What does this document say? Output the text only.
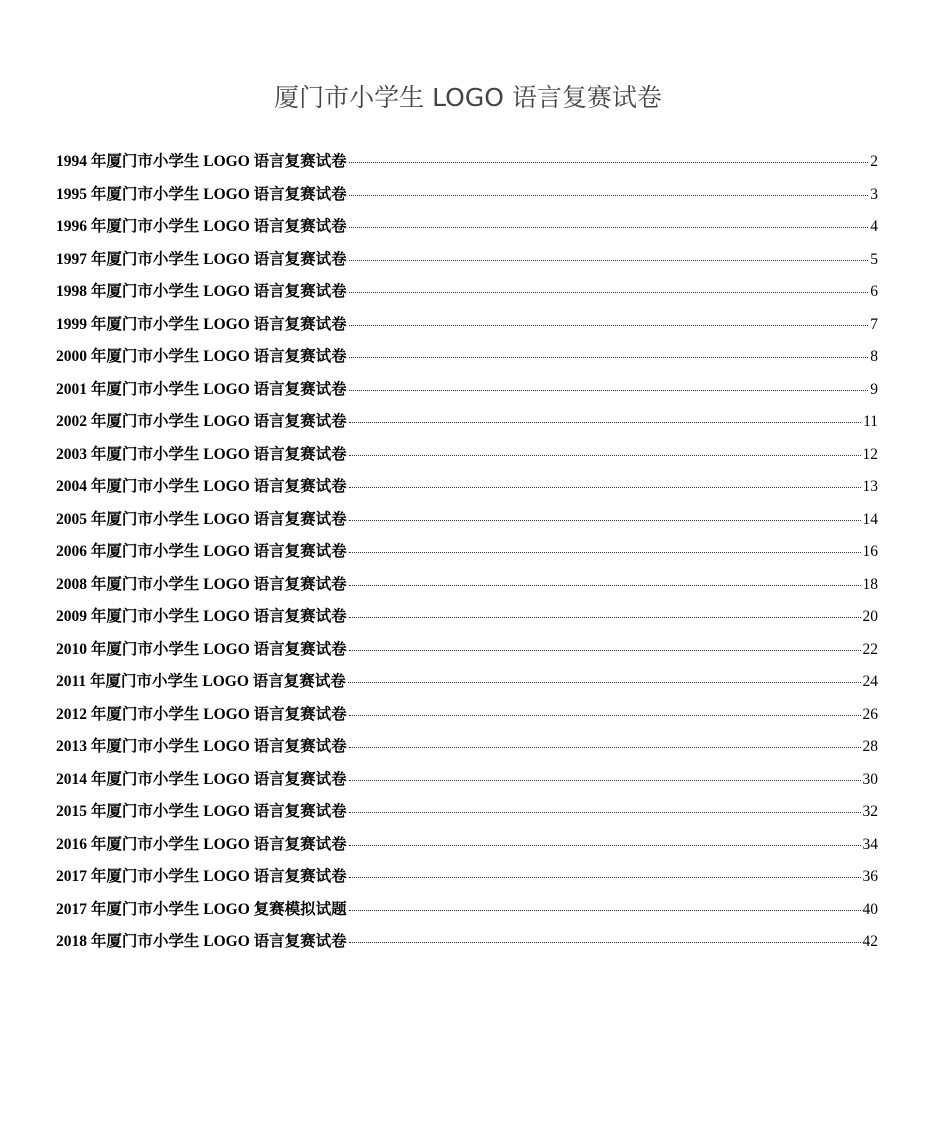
厦门市小学生 LOGO 语言复赛试卷
1994 年厦门市小学生 LOGO 语言复赛试卷	2
1995 年厦门市小学生 LOGO 语言复赛试卷	3
1996 年厦门市小学生 LOGO 语言复赛试卷	4
1997 年厦门市小学生 LOGO 语言复赛试卷	5
1998 年厦门市小学生 LOGO 语言复赛试卷	6
1999 年厦门市小学生 LOGO 语言复赛试卷	7
2000 年厦门市小学生 LOGO 语言复赛试卷	8
2001 年厦门市小学生 LOGO 语言复赛试卷	9
2002 年厦门市小学生 LOGO 语言复赛试卷	11
2003 年厦门市小学生 LOGO 语言复赛试卷	12
2004 年厦门市小学生 LOGO 语言复赛试卷	13
2005 年厦门市小学生 LOGO 语言复赛试卷	14
2006 年厦门市小学生 LOGO 语言复赛试卷	16
2008 年厦门市小学生 LOGO 语言复赛试卷	18
2009 年厦门市小学生 LOGO 语言复赛试卷	20
2010 年厦门市小学生 LOGO 语言复赛试卷	22
2011 年厦门市小学生 LOGO 语言复赛试卷	24
2012 年厦门市小学生 LOGO 语言复赛试卷	26
2013 年厦门市小学生 LOGO 语言复赛试卷	28
2014 年厦门市小学生 LOGO 语言复赛试卷	30
2015 年厦门市小学生 LOGO 语言复赛试卷	32
2016 年厦门市小学生 LOGO 语言复赛试卷	34
2017 年厦门市小学生 LOGO 语言复赛试卷	36
2017 年厦门市小学生 LOGO 复赛模拟试题	40
2018 年厦门市小学生 LOGO 语言复赛试卷	42
